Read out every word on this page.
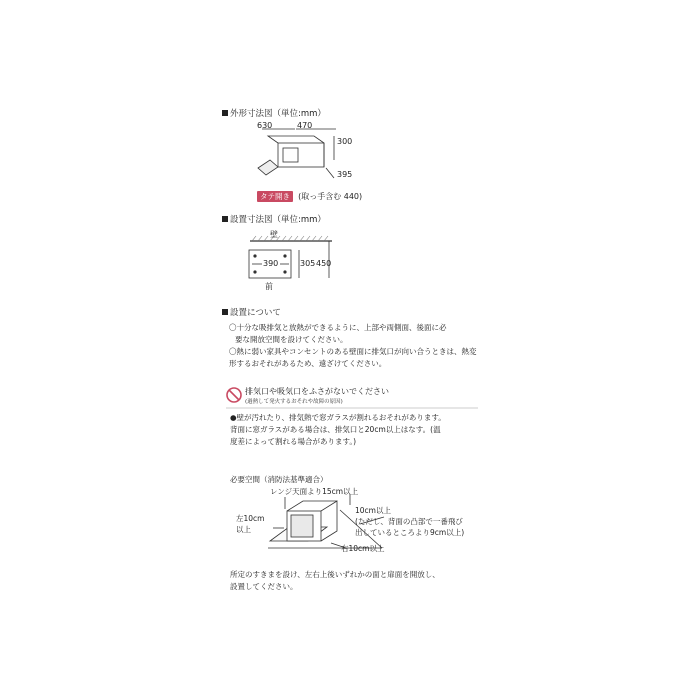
外形寸法図（単位:mm）
630	470
300
395
タテ開き (取っ手含む 440)
設置寸法図（単位:mm）
壁
390	305 450
前
設置について
〇十分な吸排気と放熱ができるように、上部や両側面、後面に必
要な開放空間を設けてください。
〇熱に弱い家具やコンセントのある壁面に排気口が向い合うときは、熱変形するおそれがあるため、遠ざけてください。
排気口や吸気口をふさがないでください
(過熱して発火するおそれや故障の原因)
●壁が汚れたり、排気熱で窓ガラスが割れるおそれがあります。
背面に窓ガラスがある場合は、排気口と20cm以上はなす。(温
度差によって割れる場合があります。)
必要空間（消防法基準適合）
レンジ天面より15cm以上
10cm以上
(ただし、背面の凸部で一番飛び
出しているところより9cm以上)
左10cm
以上
右10cm以上
所定のすきまを設け、左右上後いずれかの面と扉面を開放し、
設置してください。
